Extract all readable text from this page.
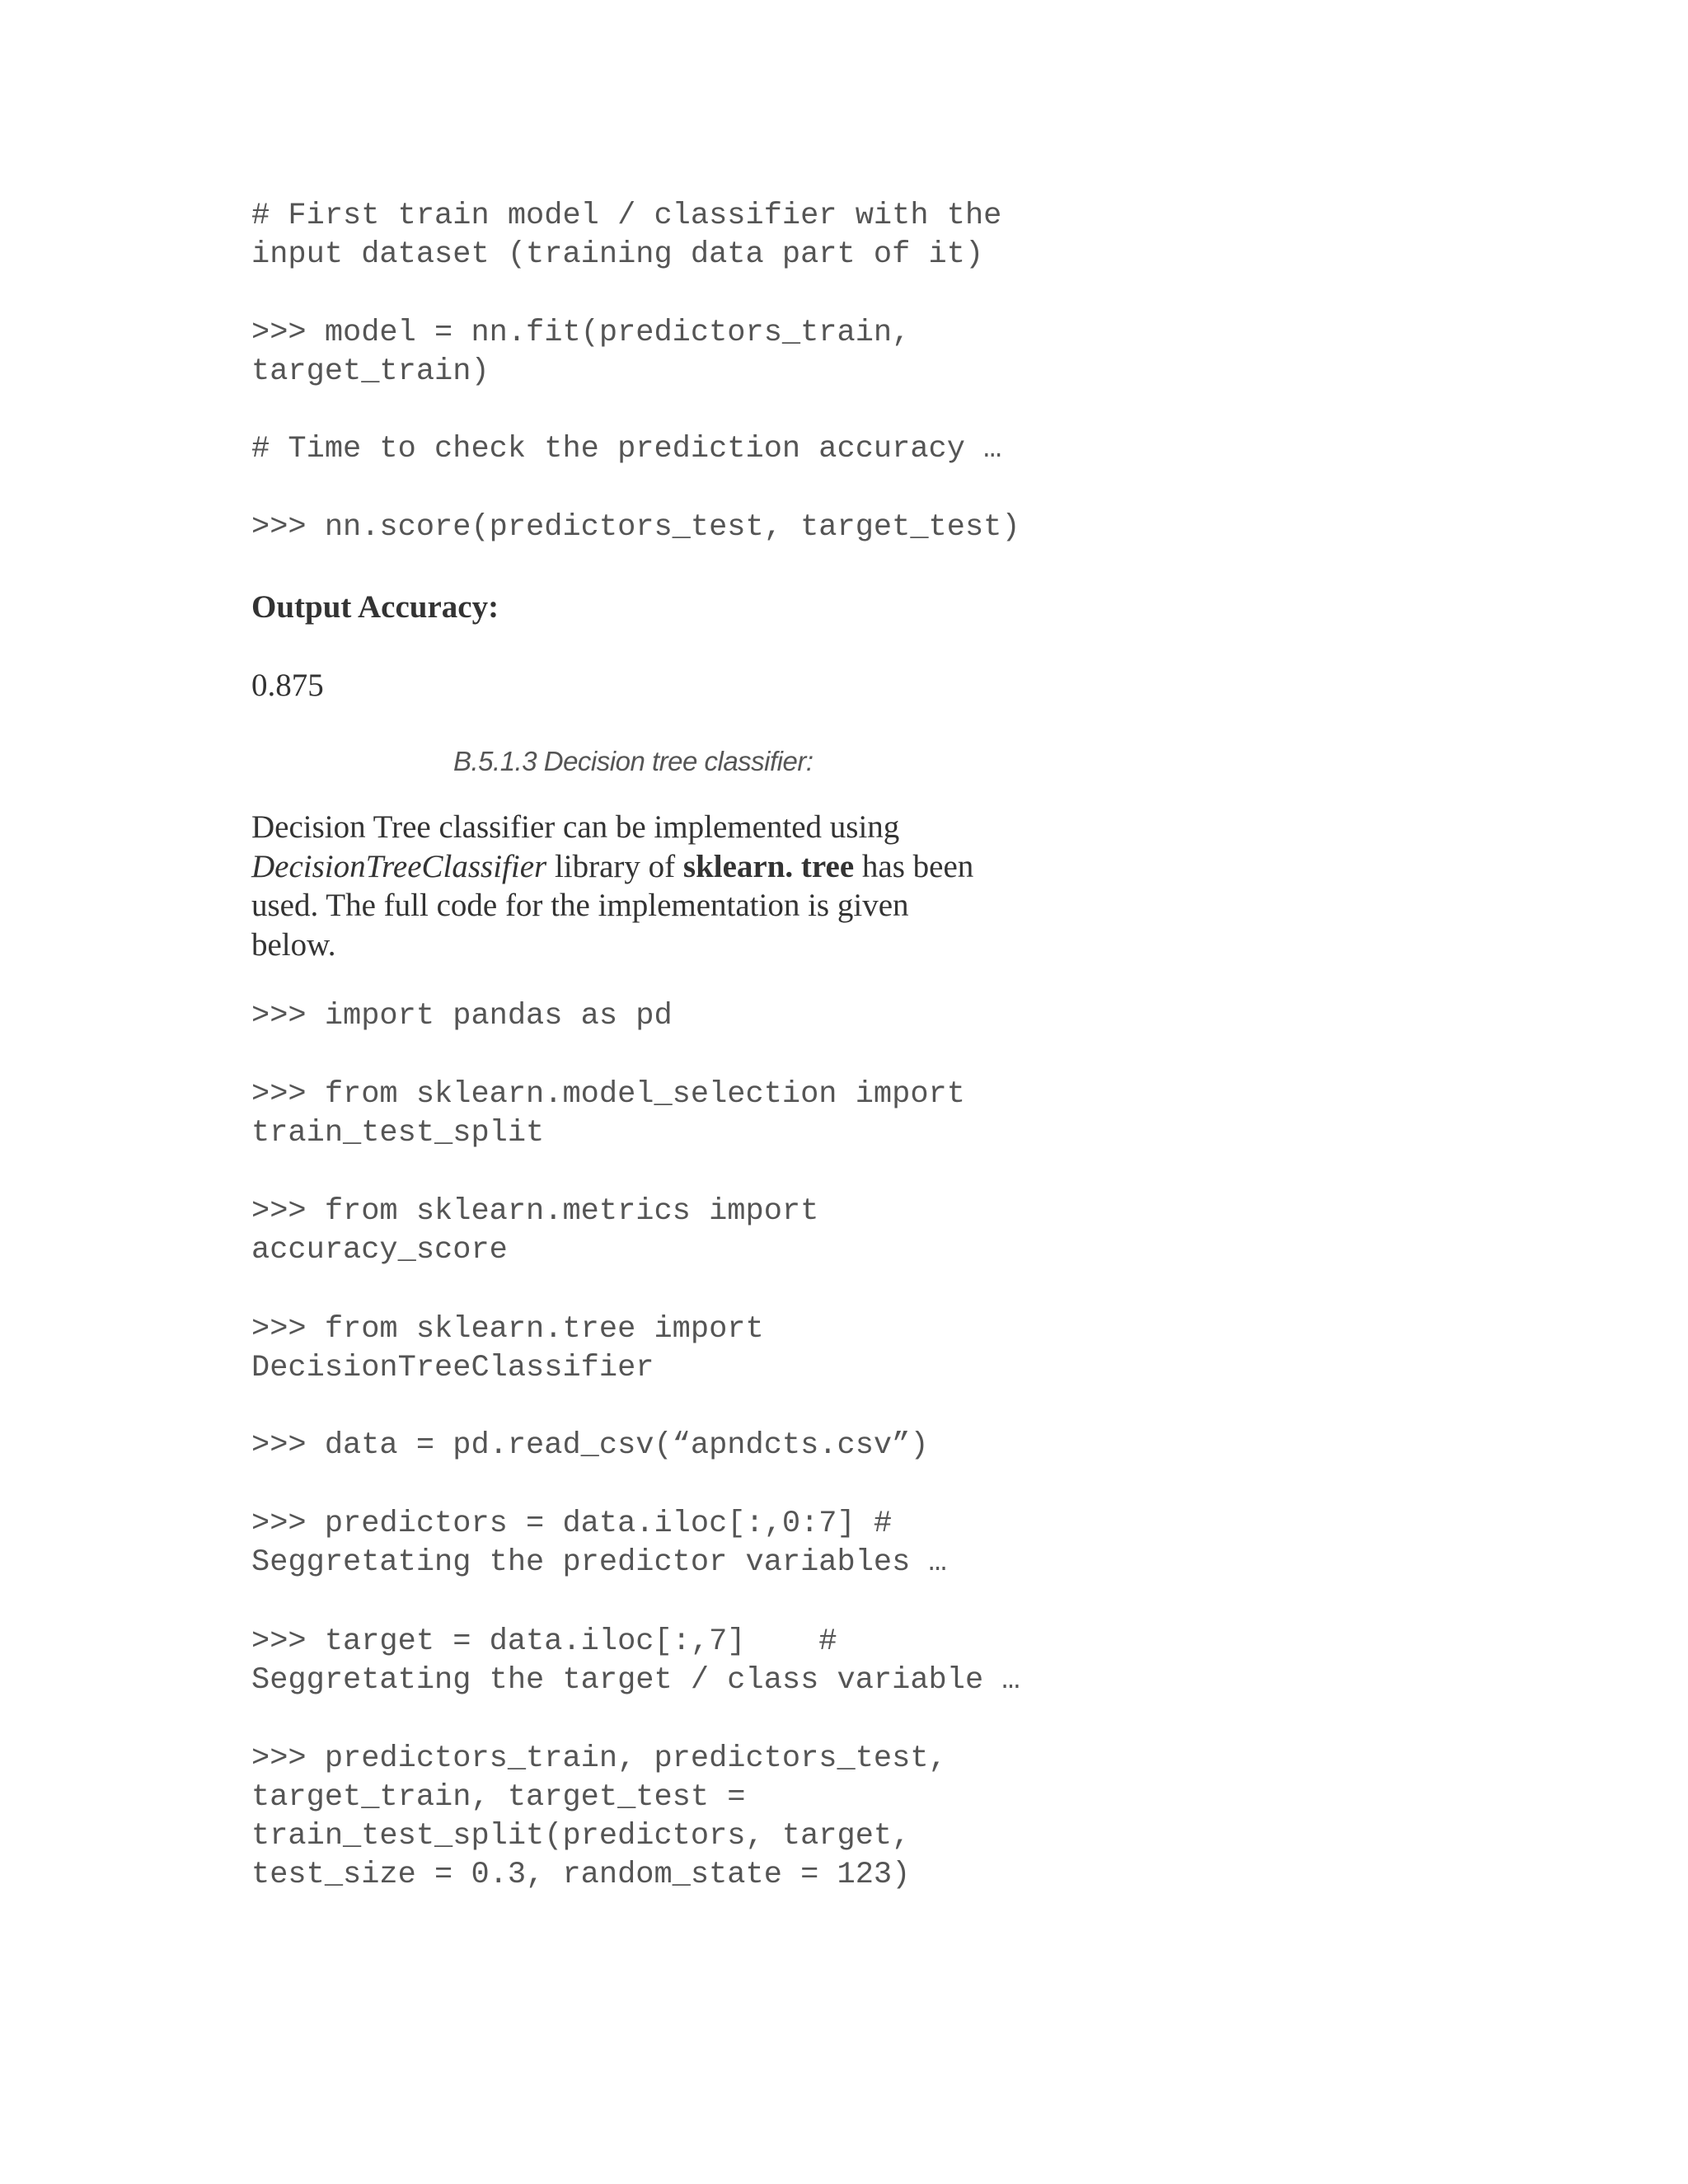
# First train model / classifier with the
input dataset (training data part of it)
>>> model = nn.fit(predictors_train,
target_train)
# Time to check the prediction accuracy …
>>> nn.score(predictors_test, target_test)
Output Accuracy:
0.875
B.5.1.3 Decision tree classifier:
Decision Tree classifier can be implemented using
DecisionTreeClassifier library of sklearn. tree has been
used. The full code for the implementation is given
below.
>>> import pandas as pd
>>> from sklearn.model_selection import
train_test_split
>>> from sklearn.metrics import
accuracy_score
>>> from sklearn.tree import
DecisionTreeClassifier
>>> data = pd.read_csv(“apndcts.csv”)
>>> predictors = data.iloc[:,0:7] #
Seggretating the predictor variables …
>>> target = data.iloc[:,7]    #
Seggretating the target / class variable …
>>> predictors_train, predictors_test,
target_train, target_test =
train_test_split(predictors, target,
test_size = 0.3, random_state = 123)
